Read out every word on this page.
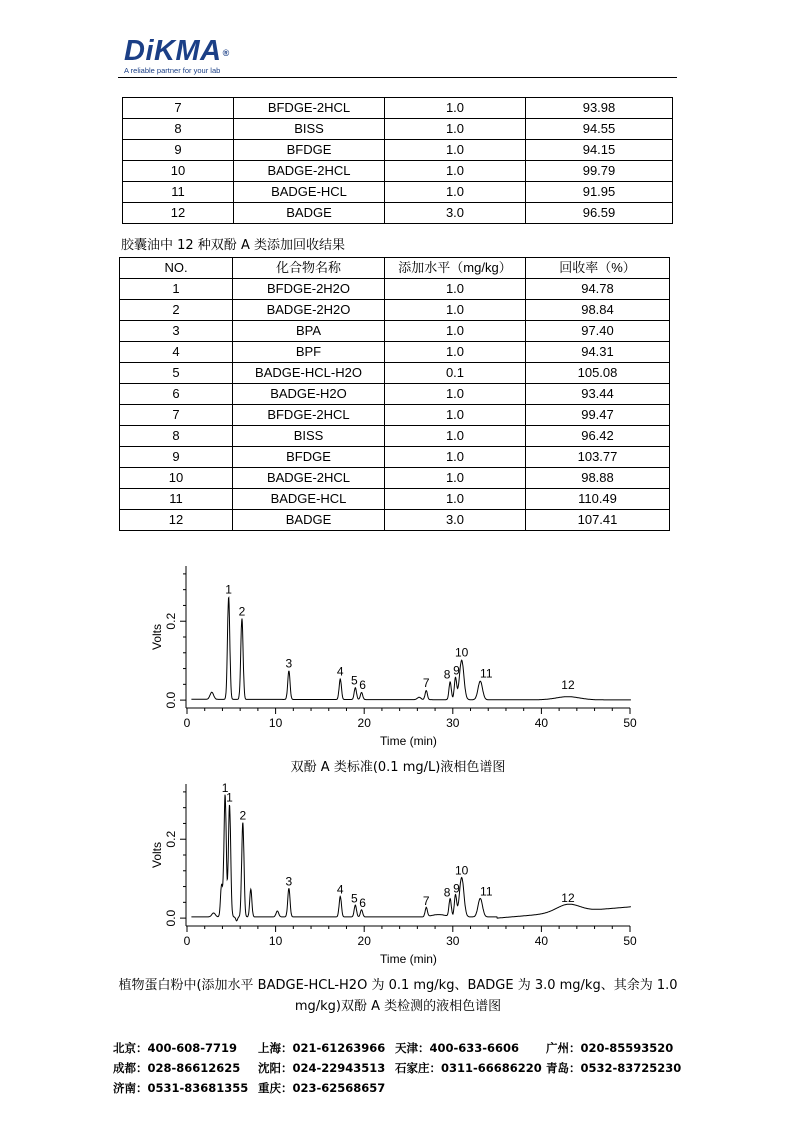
DiKMA®
A reliable partner for your lab
7	BFDGE-2HCL	1.0	93.98
8	BISS	1.0	94.55
9	BFDGE	1.0	94.15
10	BADGE-2HCL	1.0	99.79
11	BADGE-HCL	1.0	91.95
12	BADGE	3.0	96.59
胶囊油中 12 种双酚 A 类添加回收结果
NO.	化合物名称	添加水平（mg/kg）	回收率（%）
1	BFDGE-2H2O	1.0	94.78
2	BADGE-2H2O	1.0	98.84
3	BPA	1.0	97.40
4	BPF	1.0	94.31
5	BADGE-HCL-H2O	0.1	105.08
6	BADGE-H2O	1.0	93.44
7	BFDGE-2HCL	1.0	99.47
8	BISS	1.0	96.42
9	BFDGE	1.0	103.77
10	BADGE-2HCL	1.0	98.88
11	BADGE-HCL	1.0	110.49
12	BADGE	3.0	107.41
0	10	20	30	40	50
0.0
0.2
Time (min)
Volts
1
2
3
4
5 6	7
8 9
10
11
12
双酚 A 类标准(0.1 mg/L)液相色谱图
0	10	20	30	40	50
0.0
0.2
Time (min)
Volts
1
1
2
3
4
5 6	7
8 9
10
11	12
植物蛋白粉中(添加水平 BADGE-HCL-H2O 为 0.1 mg/kg、BADGE 为 3.0 mg/kg、其余为 1.0 mg/kg)双酚 A 类检测的液相色谱图
北京：400-608-7719 上海：021-61263966 天津：400-633-6606 广州：020-85593520
成都：028-86612625 沈阳：024-22943513 石家庄：0311-66686220 青岛：0532-83725230
济南：0531-83681355 重庆：023-62568657
